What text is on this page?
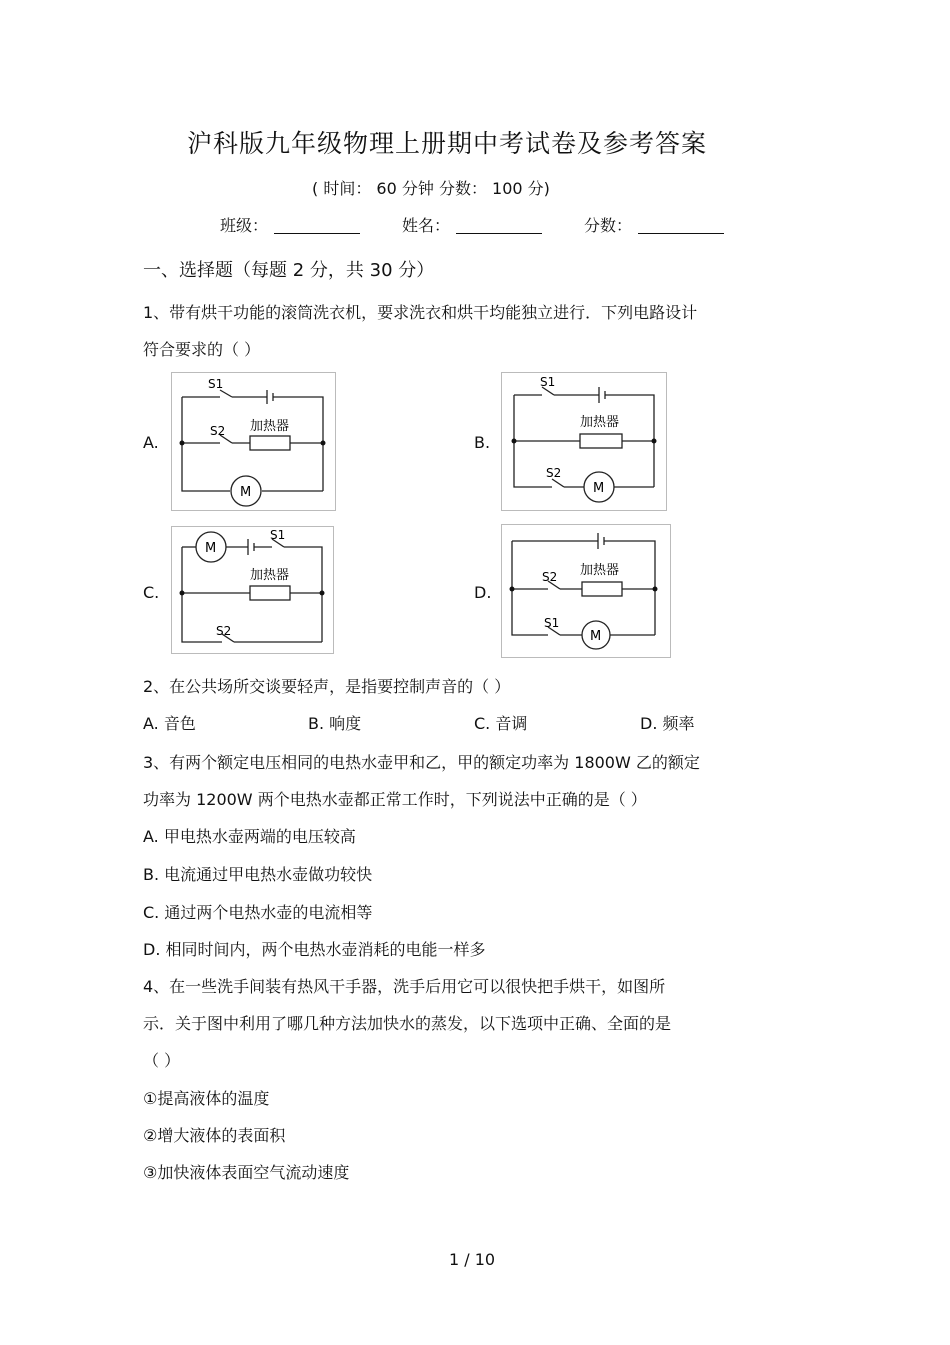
沪科版九年级物理上册期中考试卷及参考答案
( 时间： 60 分钟 分数： 100 分)
班级：	姓名：	分数：
一、选择题（每题 2 分，共 30 分）
1、带有烘干功能的滚筒洗衣机，要求洗衣和烘干均能独立进行．下列电路设计
符合要求的（ ）
A.
S1
S2 加热器
M
B.
S1
S2
加热器
M
C.
M
S1
加热器
S2
D.
S2 加热器
S1
M
2、在公共场所交谈要轻声，是指要控制声音的（ ）
A. 音色	B. 响度	C. 音调	D. 频率
3、有两个额定电压相同的电热水壶甲和乙，甲的额定功率为 1800W 乙的额定
功率为 1200W 两个电热水壶都正常工作时，下列说法中正确的是（ ）
A. 甲电热水壶两端的电压较高
B. 电流通过甲电热水壶做功较快
C. 通过两个电热水壶的电流相等
D. 相同时间内，两个电热水壶消耗的电能一样多
4、在一些洗手间装有热风干手器，洗手后用它可以很快把手烘干，如图所
示．关于图中利用了哪几种方法加快水的蒸发，以下选项中正确、全面的是
（ ）
①提高液体的温度
②增大液体的表面积
③加快液体表面空气流动速度
1 / 10
